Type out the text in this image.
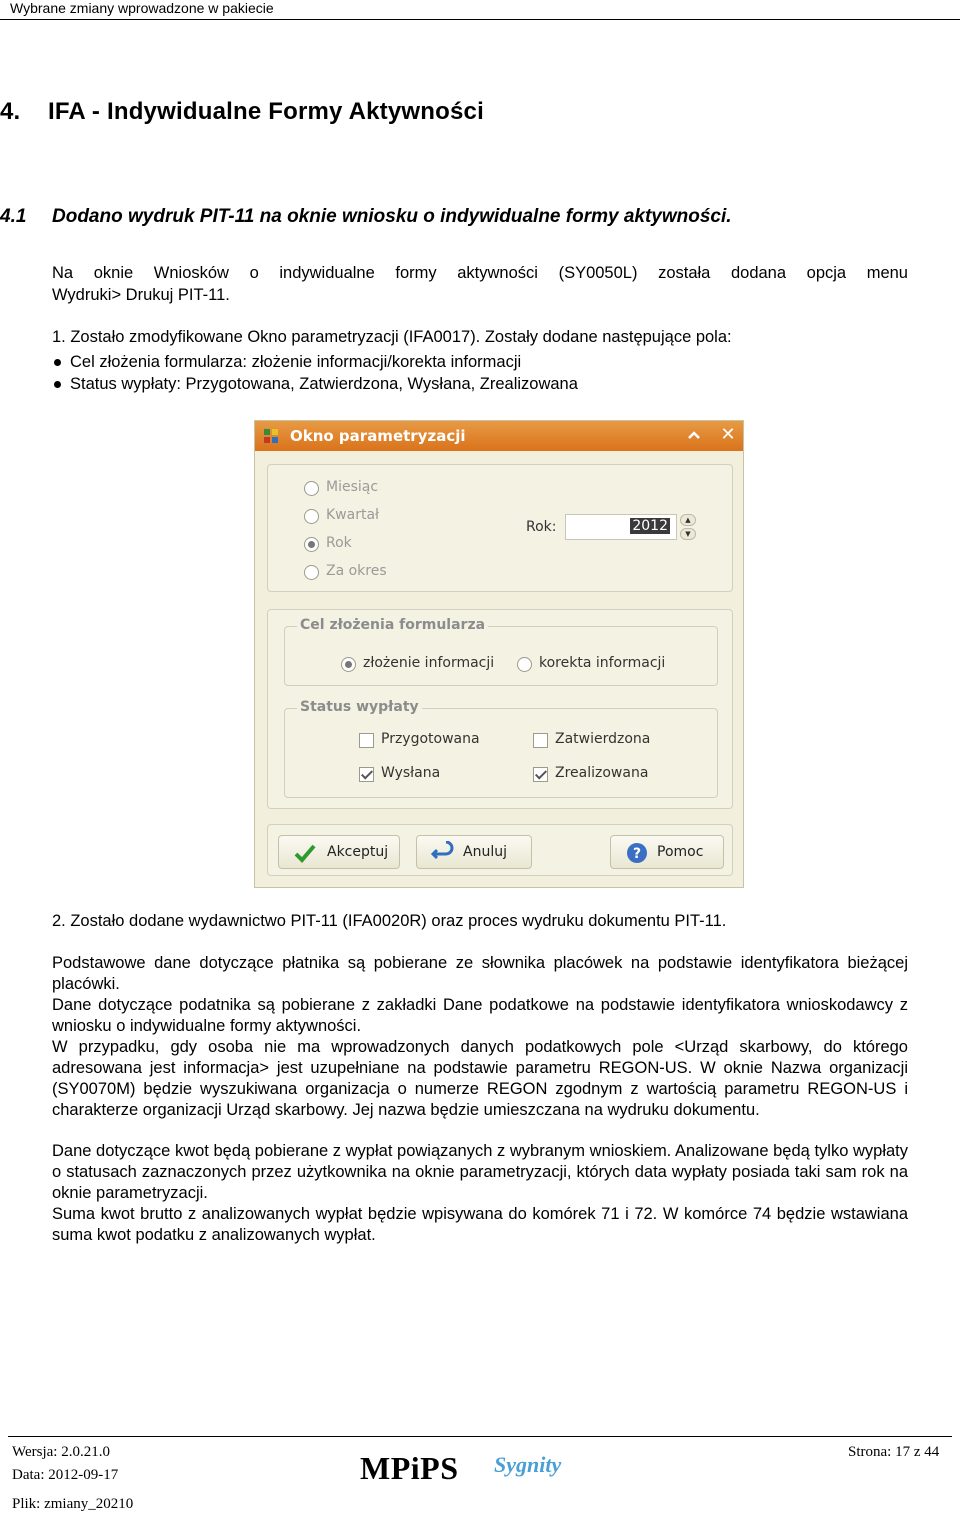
Wybrane zmiany wprowadzone w pakiecie
4. IFA - Indywidualne Formy Aktywności
4.1 Dodano wydruk PIT-11 na oknie wniosku o indywidualne formy aktywności.
Na oknie Wniosków o indywidualne formy aktywności (SY0050L) została dodana opcja menu
Wydruki> Drukuj PIT-11.
1. Zostało zmodyfikowane Okno parametryzacji (IFA0017). Zostały dodane następujące pola:
Cel złożenia formularza: złożenie informacji/korekta informacji
Status wypłaty: Przygotowana, Zatwierdzona, Wysłana, Zrealizowana
Okno parametryzacji	✕
Miesiąc
Kwartał
Rok
Za okres
Rok:	2012	▲
▼
Cel złożenia formularza
złożenie informacji	korekta informacji
Status wypłaty
Przygotowana	Zatwierdzona
Wysłana	Zrealizowana
Akceptuj	Anuluj	? Pomoc
2. Zostało dodane wydawnictwo PIT-11 (IFA0020R) oraz proces wydruku dokumentu PIT-11.
Podstawowe dane dotyczące płatnika są pobierane ze słownika placówek na podstawie identyfikatora bieżącej placówki.
Dane dotyczące podatnika są pobierane z zakładki Dane podatkowe na podstawie identyfikatora wnioskodawcy z wniosku o indywidualne formy aktywności.
W przypadku, gdy osoba nie ma wprowadzonych danych podatkowych pole <Urząd skarbowy, do którego adresowana jest informacja> jest uzupełniane na podstawie parametru REGON-US. W oknie Nazwa organizacji (SY0070M) będzie wyszukiwana organizacja o numerze REGON zgodnym z wartością parametru REGON-US i charakterze organizacji Urząd skarbowy. Jej nazwa będzie umieszczana na wydruku dokumentu.
Dane dotyczące kwot będą pobierane z wypłat powiązanych z wybranym wnioskiem. Analizowane będą tylko wypłaty o statusach zaznaczonych przez użytkownika na oknie parametryzacji, których data wypłaty posiada taki sam rok na oknie parametryzacji.
Suma kwot brutto z analizowanych wypłat będzie wpisywana do komórek 71 i 72. W komórce 74 będzie wstawiana suma kwot podatku z analizowanych wypłat.
Wersja: 2.0.21.0
Data: 2012-09-17
Plik: zmiany_20210
MPiPS Sygnity	Strona: 17 z 44
